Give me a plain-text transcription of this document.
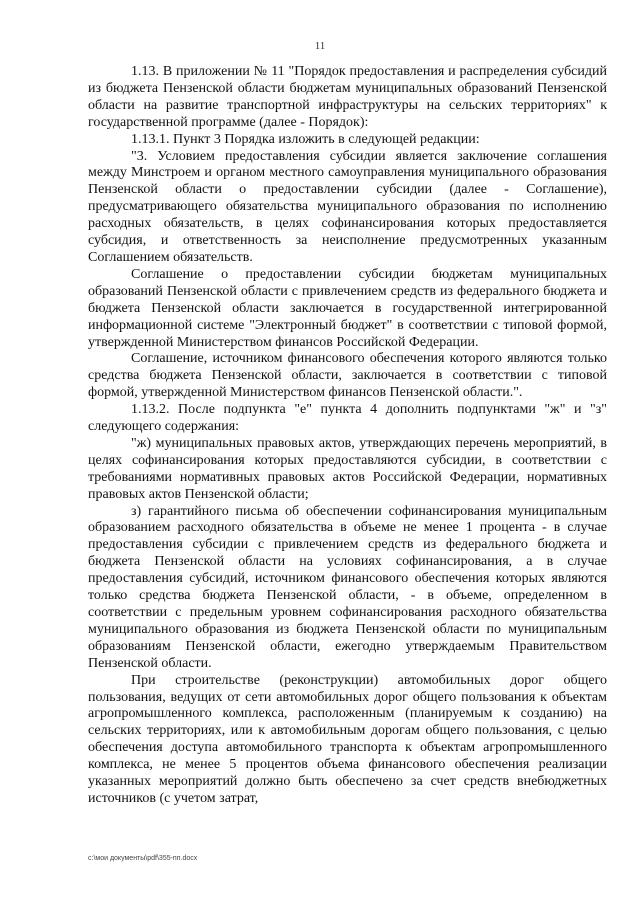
11

1.13. В приложении № 11 "Порядок предоставления и распределения субсидий из бюджета Пензенской области бюджетам муниципальных образований Пензенской области на развитие транспортной инфраструктуры на сельских территориях" к государственной программе (далее - Порядок):

1.13.1. Пункт 3 Порядка изложить в следующей редакции:

"3. Условием предоставления субсидии является заключение соглашения между Минстроем и органом местного самоуправления муниципального образования Пензенской области о предоставлении субсидии (далее - Соглашение), предусматривающего обязательства муниципального образования по исполнению расходных обязательств, в целях софинансирования которых предоставляется субсидия, и ответственность за неисполнение предусмотренных указанным Соглашением обязательств.

Соглашение о предоставлении субсидии бюджетам муниципальных образований Пензенской области с привлечением средств из федерального бюджета и бюджета Пензенской области заключается в государственной интегрированной информационной системе "Электронный бюджет" в соответствии с типовой формой, утвержденной Министерством финансов Российской Федерации.

Соглашение, источником финансового обеспечения которого являются только средства бюджета Пензенской области, заключается в соответствии с типовой формой, утвержденной Министерством финансов Пензенской области.".

1.13.2. После подпункта "е" пункта 4 дополнить подпунктами "ж" и "з" следующего содержания:

"ж) муниципальных правовых актов, утверждающих перечень мероприятий, в целях софинансирования которых предоставляются субсидии, в соответствии с требованиями нормативных правовых актов Российской Федерации, нормативных правовых актов Пензенской области;

з) гарантийного письма об обеспечении софинансирования муниципальным образованием расходного обязательства в объеме не менее 1 процента - в случае предоставления субсидии с привлечением средств из федерального бюджета и бюджета Пензенской области на условиях софинансирования, а в случае предоставления субсидий, источником финансового обеспечения которых являются только средства бюджета Пензенской области, - в объеме, определенном в соответствии с предельным уровнем софинансирования расходного обязательства муниципального образования из бюджета Пензенской области по муниципальным образованиям Пензенской области, ежегодно утверждаемым Правительством Пензенской области.

При строительстве (реконструкции) автомобильных дорог общего пользования, ведущих от сети автомобильных дорог общего пользования к объектам агропромышленного комплекса, расположенным (планируемым к созданию) на сельских территориях, или к автомобильным дорогам общего пользования, с целью обеспечения доступа автомобильного транспорта к объектам агропромышленного комплекса, не менее 5 процентов объема финансового обеспечения реализации указанных мероприятий должно быть обеспечено за счет средств внебюджетных источников (с учетом затрат,

c:\мои документы\pdf\355-пп.docx
